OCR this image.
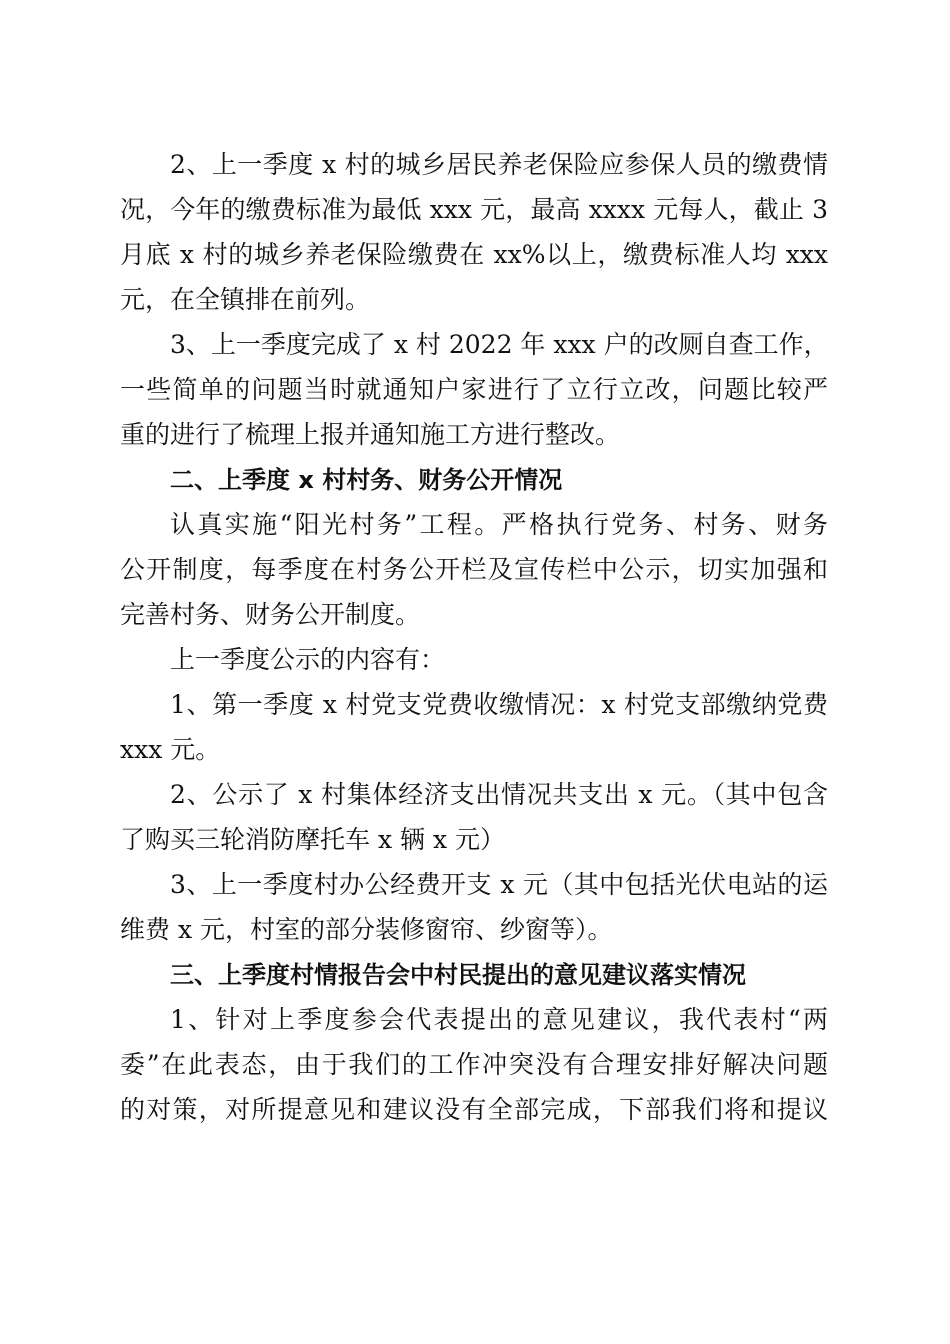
2、上一季度 x 村的城乡居民养老保险应参保人员的缴费情
况，今年的缴费标准为最低 xxx 元，最高 xxxx 元每人，截止 3
月底 x 村的城乡养老保险缴费在 xx%以上，缴费标准人均 xxx
元，在全镇排在前列。
3、上一季度完成了 x 村 2022 年 xxx 户的改厕自查工作，
一些简单的问题当时就通知户家进行了立行立改，问题比较严
重的进行了梳理上报并通知施工方进行整改。
二、上季度 x 村村务、财务公开情况
认真实施“阳光村务”工程。严格执行党务、村务、财务
公开制度，每季度在村务公开栏及宣传栏中公示，切实加强和
完善村务、财务公开制度。
上一季度公示的内容有：
1、第一季度 x 村党支党费收缴情况：x 村党支部缴纳党费
xxx 元。
2、公示了 x 村集体经济支出情况共支出 x 元。（其中包含
了购买三轮消防摩托车 x 辆 x 元）
3、上一季度村办公经费开支 x 元（其中包括光伏电站的运
维费 x 元，村室的部分装修窗帘、纱窗等）。
三、上季度村情报告会中村民提出的意见建议落实情况
1、针对上季度参会代表提出的意见建议，我代表村“两
委”在此表态，由于我们的工作冲突没有合理安排好解决问题
的对策，对所提意见和建议没有全部完成，下部我们将和提议
